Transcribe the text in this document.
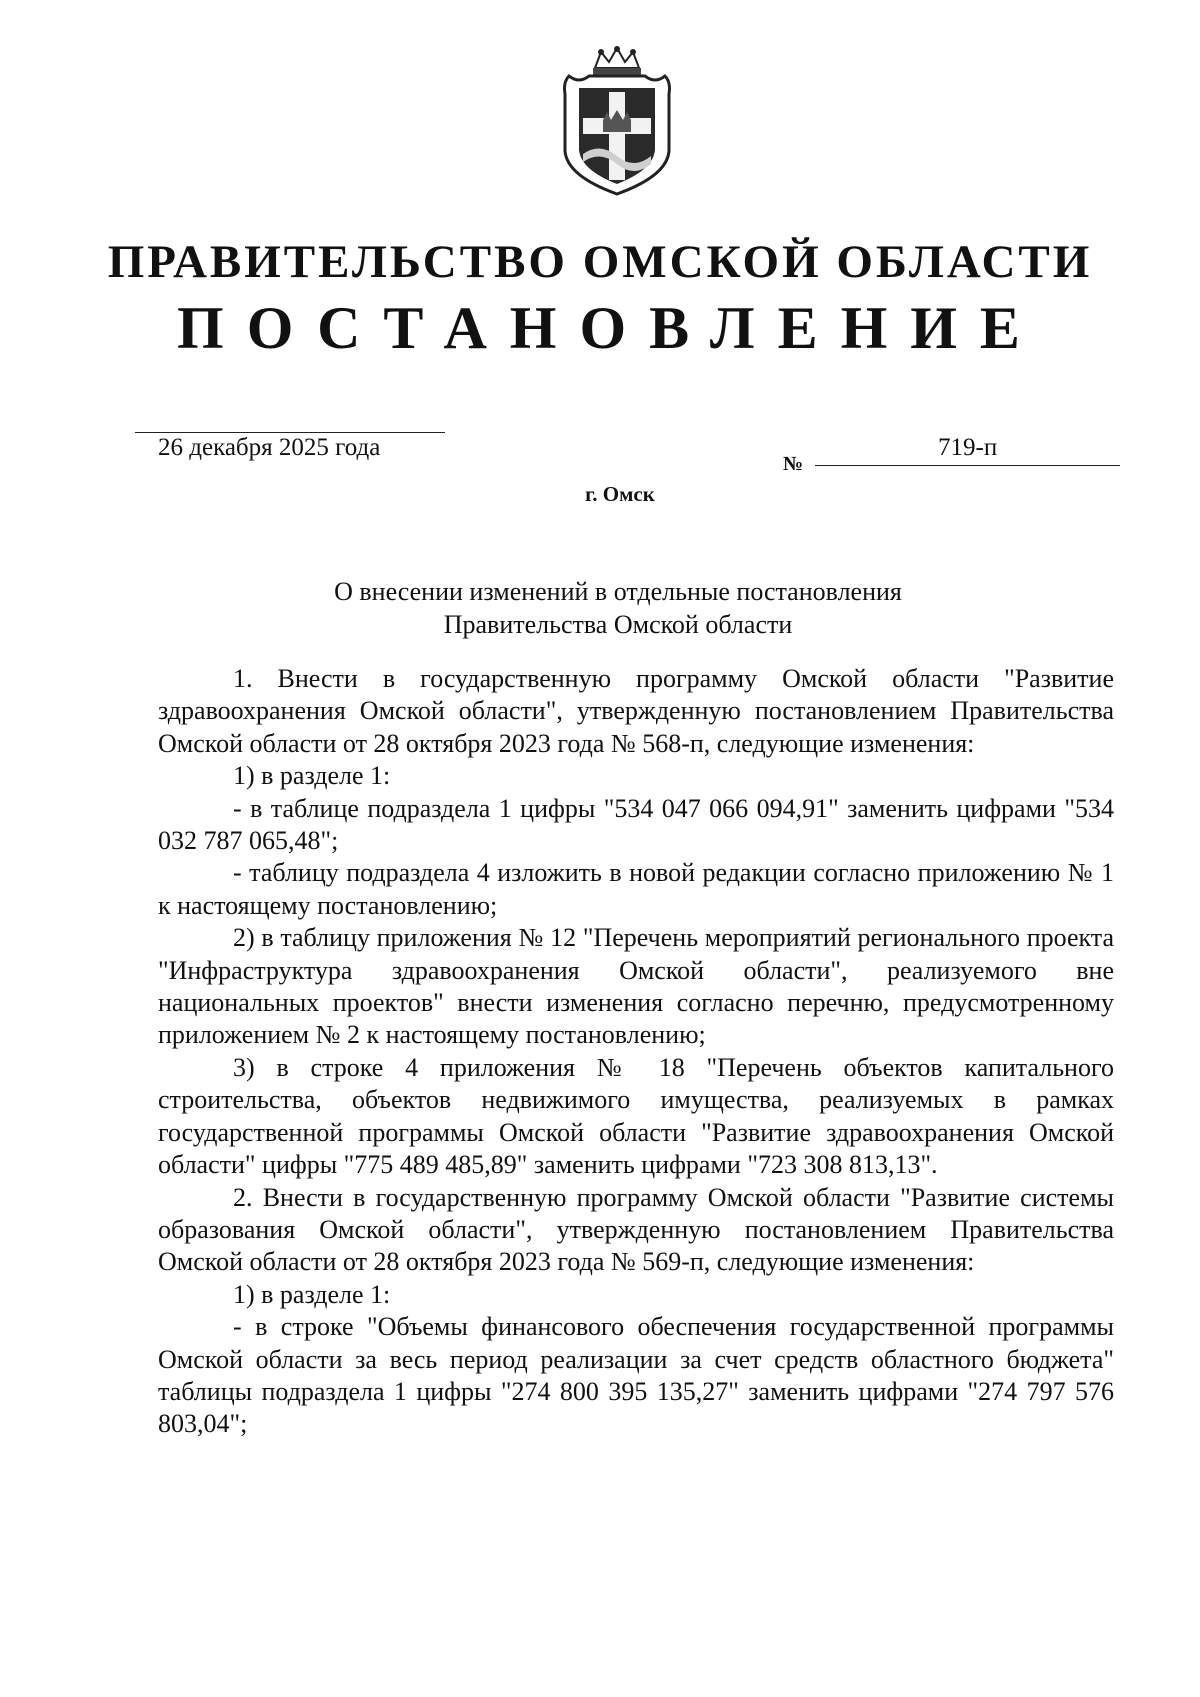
ПРАВИТЕЛЬСТВО ОМСКОЙ ОБЛАСТИ
ПОСТАНОВЛЕНИЕ
26 декабря 2025 года
№
719-п
г. Омск
О внесении изменений в отдельные постановления
Правительства Омской области

1. Внести в государственную программу Омской области "Развитие здравоохранения Омской области", утвержденную постановлением Правительства Омской области от 28 октября 2023 года № 568-п, следующие изменения:

1) в разделе 1:

- в таблице подраздела 1 цифры "534 047 066 094,91" заменить цифрами "534 032 787 065,48";

- таблицу подраздела 4 изложить в новой редакции согласно приложению № 1 к настоящему постановлению;

2) в таблицу приложения № 12 "Перечень мероприятий регионального проекта "Инфраструктура здравоохранения Омской области", реализуемого вне национальных проектов" внести изменения согласно перечню, предусмотренному приложением № 2 к настоящему постановлению;

3) в строке 4 приложения № 18 "Перечень объектов капитального строительства, объектов недвижимого имущества, реализуемых в рамках государственной программы Омской области "Развитие здравоохранения Омской области" цифры "775 489 485,89" заменить цифрами "723 308 813,13".

2. Внести в государственную программу Омской области "Развитие системы образования Омской области", утвержденную постановлением Правительства Омской области от 28 октября 2023 года № 569-п, следующие изменения:

1) в разделе 1:

- в строке "Объемы финансового обеспечения государственной программы Омской области за весь период реализации за счет средств областного бюджета" таблицы подраздела 1 цифры "274 800 395 135,27" заменить цифрами "274 797 576 803,04";
